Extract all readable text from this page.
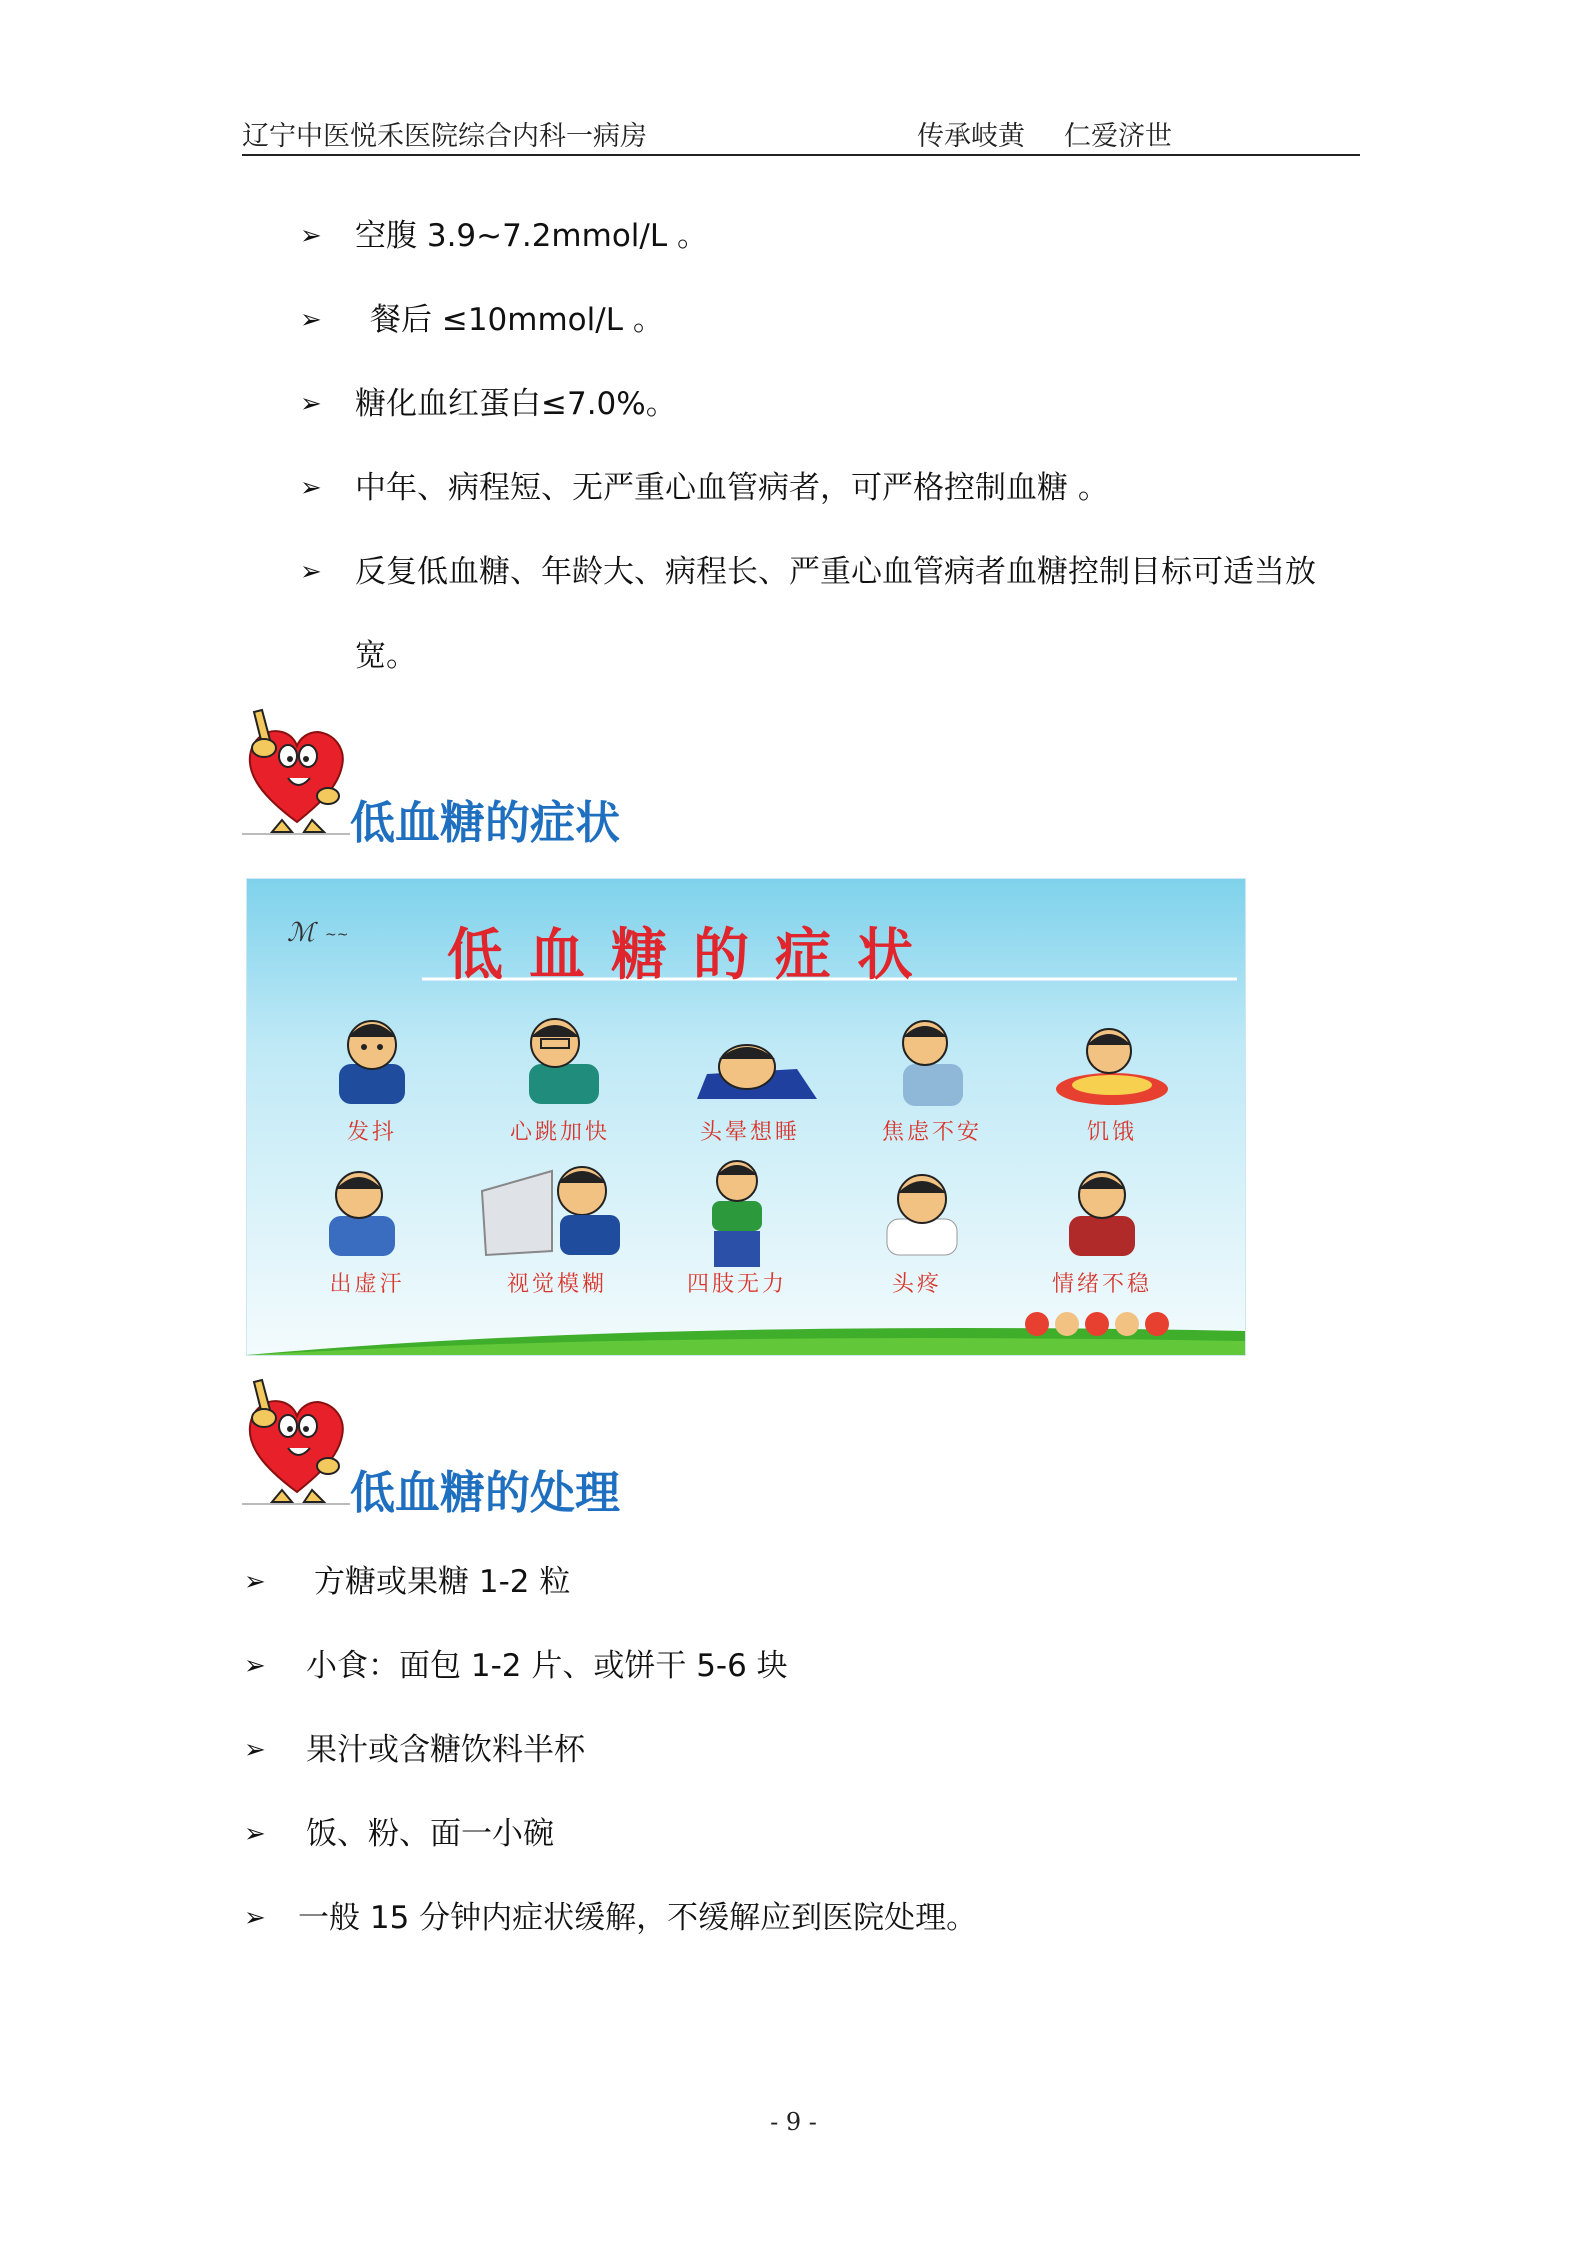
辽宁中医悦禾医院综合内科一病房	传承岐黄 仁爱济世
➢ 空腹 3.9~7.2mmol/L 。
➢ 餐后 ≤10mmol/L 。
➢ 糖化血红蛋白≤7.0%。
➢ 中年、病程短、无严重心血管病者，可严格控制血糖 。
➢ 反复低血糖、年龄大、病程长、严重心血管病者血糖控制目标可适当放
宽。
低血糖的症状
ℳ ~~ 低血糖的症状
发抖	心跳加快	头晕想睡	焦虑不安	饥饿
出虚汗	视觉模糊	四肢无力	头疼	情绪不稳
低血糖的处理
➢ 方糖或果糖 1-2 粒
➢ 小食：面包 1-2 片、或饼干 5-6 块
➢ 果汁或含糖饮料半杯
➢ 饭、粉、面一小碗
➢ 一般 15 分钟内症状缓解，不缓解应到医院处理。
- 9 -
